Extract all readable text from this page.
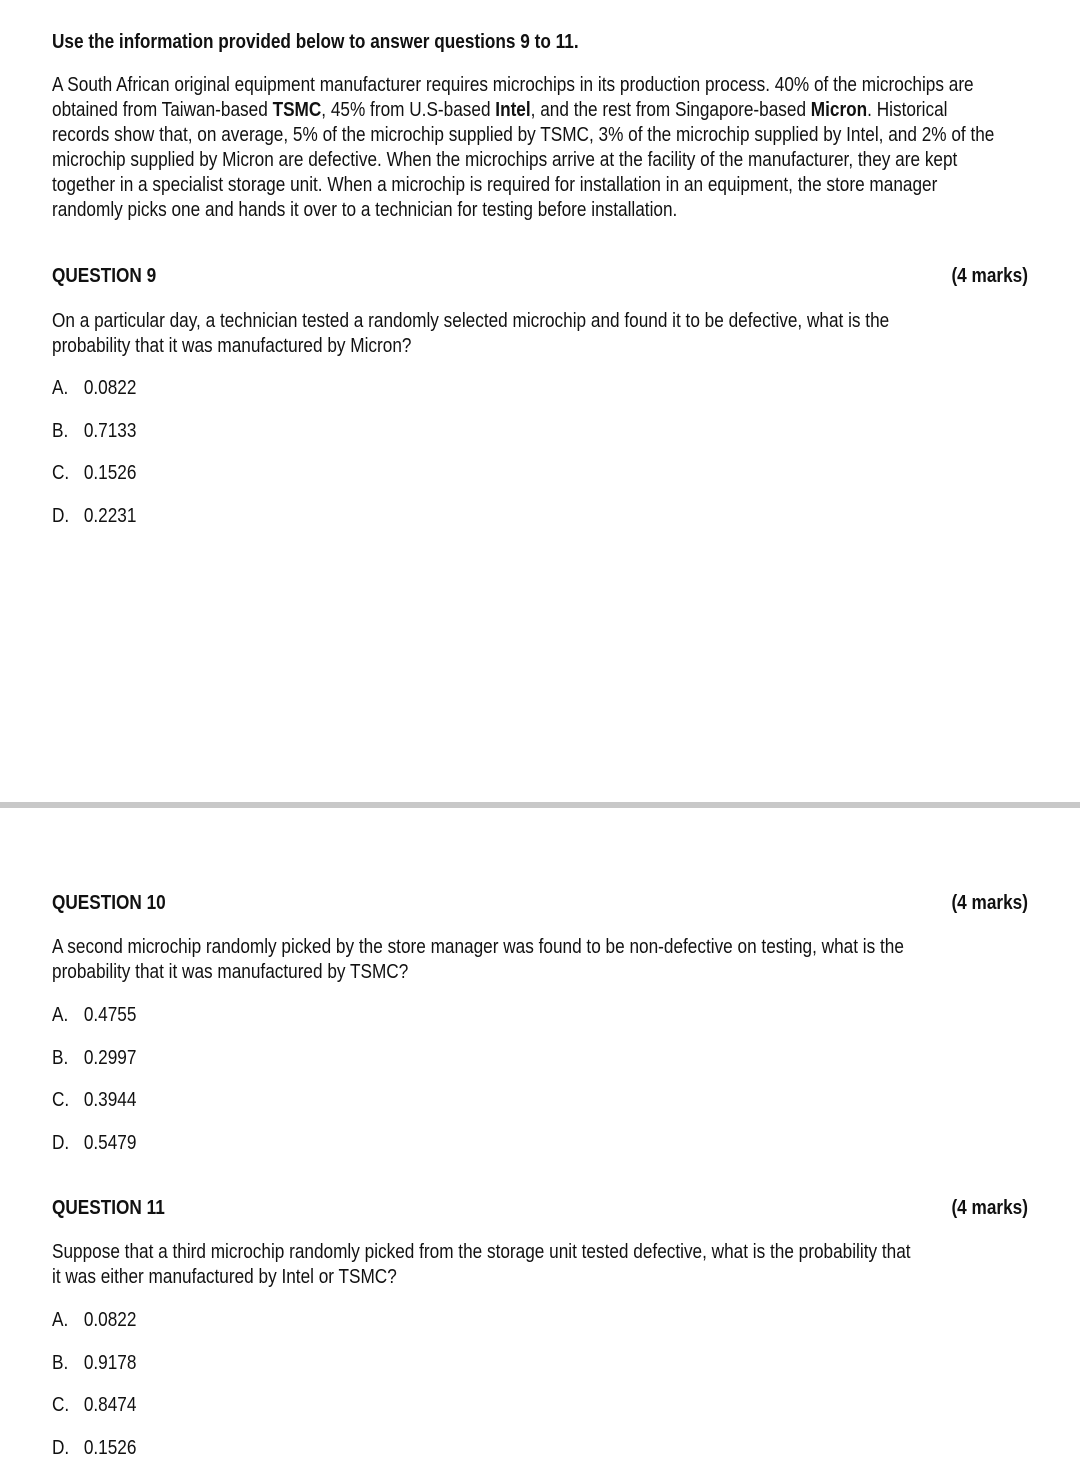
Use the information provided below to answer questions 9 to 11.
A South African original equipment manufacturer requires microchips in its production process. 40% of the microchips are obtained from Taiwan-based TSMC, 45% from U.S-based Intel, and the rest from Singapore-based Micron. Historical records show that, on average, 5% of the microchip supplied by TSMC, 3% of the microchip supplied by Intel, and 2% of the microchip supplied by Micron are defective. When the microchips arrive at the facility of the manufacturer, they are kept together in a specialist storage unit. When a microchip is required for installation in an equipment, the store manager randomly picks one and hands it over to a technician for testing before installation.
QUESTION 9	(4 marks)
On a particular day, a technician tested a randomly selected microchip and found it to be defective, what is the probability that it was manufactured by Micron?
A. 0.0822
B. 0.7133
C. 0.1526
D. 0.2231
QUESTION 10	(4 marks)
A second microchip randomly picked by the store manager was found to be non-defective on testing, what is the probability that it was manufactured by TSMC?
A. 0.4755
B. 0.2997
C. 0.3944
D. 0.5479
QUESTION 11	(4 marks)
Suppose that a third microchip randomly picked from the storage unit tested defective, what is the probability that it was either manufactured by Intel or TSMC?
A. 0.0822
B. 0.9178
C. 0.8474
D. 0.1526
